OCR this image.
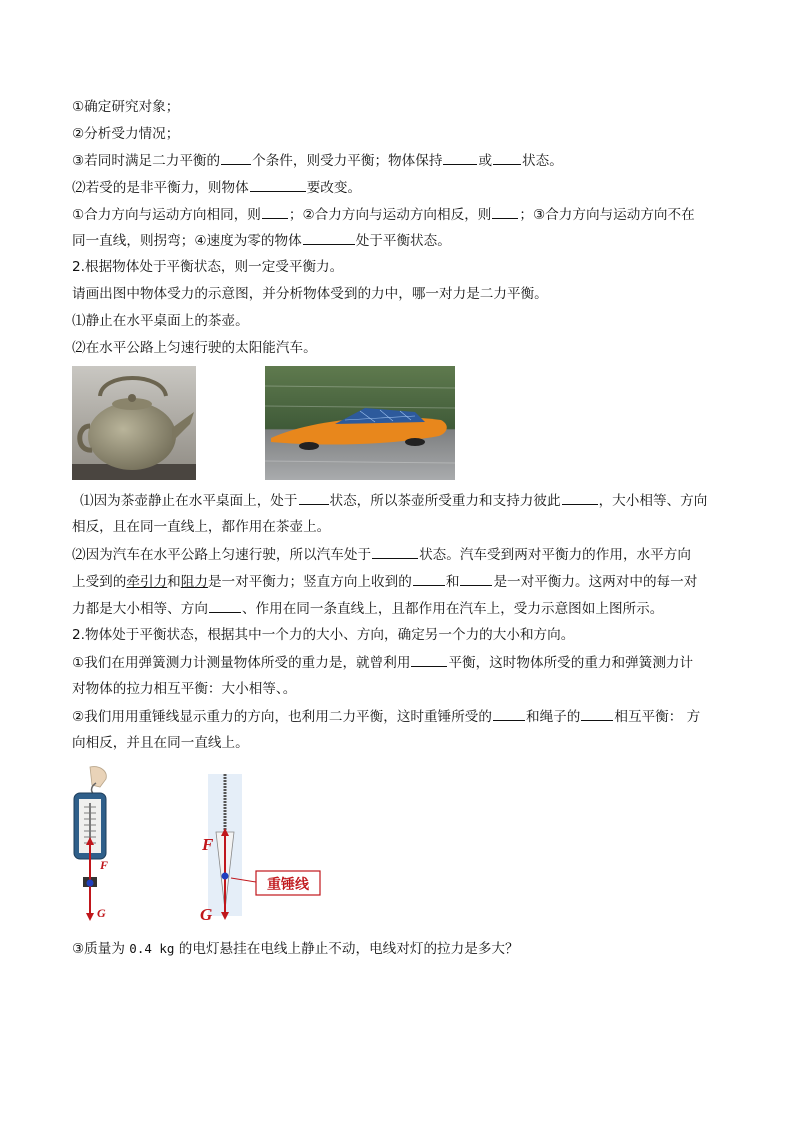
①确定研究对象；
②分析受力情况；
③若同时满足二力平衡的 个条件，则受力平衡；物体保持	或 状态。
⑵若受的是非平衡力，则物体	要改变。
①合力方向与运动方向相同，则 ；②合力方向与运动方向相反，则 ；③合力方向与运动方向不在
同一直线，则拐弯；④速度为零的物体	处于平衡状态。
2.根据物体处于平衡状态，则一定受平衡力。
请画出图中物体受力的示意图，并分析物体受到的力中，哪一对力是二力平衡。
⑴静止在水平桌面上的茶壶。
⑵在水平公路上匀速行驶的太阳能汽车。
⑴因为茶壶静止在水平桌面上，处于 状态，所以茶壶所受重力和支持力彼此	，大小相等、方向
相反，且在同一直线上，都作用在茶壶上。
⑵因为汽车在水平公路上匀速行驶，所以汽车处于	状态。汽车受到两对平衡力的作用，水平方向
上受到的牵引力和阻力是一对平衡力；竖直方向上收到的	和	是一对平衡力。这两对中的每一对
力都是大小相等、方向	、作用在同一条直线上，且都作用在汽车上，受力示意图如上图所示。
2.物体处于平衡状态，根据其中一个力的大小、方向，确定另一个力的大小和方向。
①我们在用弹簧测力计测量物体所受的重力是，就曾利用	平衡，这时物体所受的重力和弹簧测力计
对物体的拉力相互平衡：大小相等、。
②我们用用重锤线显示重力的方向，也利用二力平衡，这时重锤所受的	和绳子的	相互平衡： 方
向相反，并且在同一直线上。
F
G
重锤线
F
G
③质量为 0.4 kg 的电灯悬挂在电线上静止不动，电线对灯的拉力是多大？
